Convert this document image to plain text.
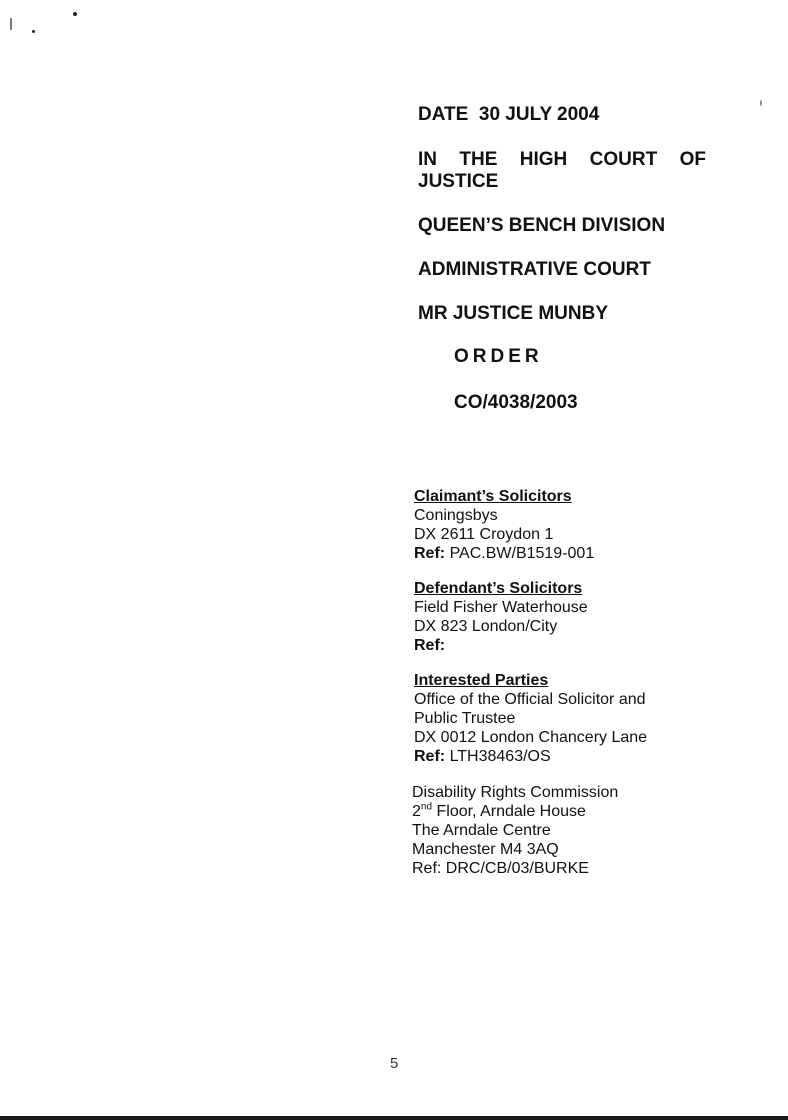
DATE 30 JULY 2004
IN THE HIGH COURT OF
JUSTICE
QUEEN’S BENCH DIVISION
ADMINISTRATIVE COURT
MR JUSTICE MUNBY
ORDER
CO/4038/2003
Claimant’s Solicitors
Coningsbys
DX 2611 Croydon 1
Ref: PAC.BW/B1519-001
Defendant’s Solicitors
Field Fisher Waterhouse
DX 823 London/City
Ref:
Interested Parties
Office of the Official Solicitor and
Public Trustee
DX 0012 London Chancery Lane
Ref: LTH38463/OS
Disability Rights Commission
2nd Floor, Arndale House
The Arndale Centre
Manchester M4 3AQ
Ref: DRC/CB/03/BURKE
5
